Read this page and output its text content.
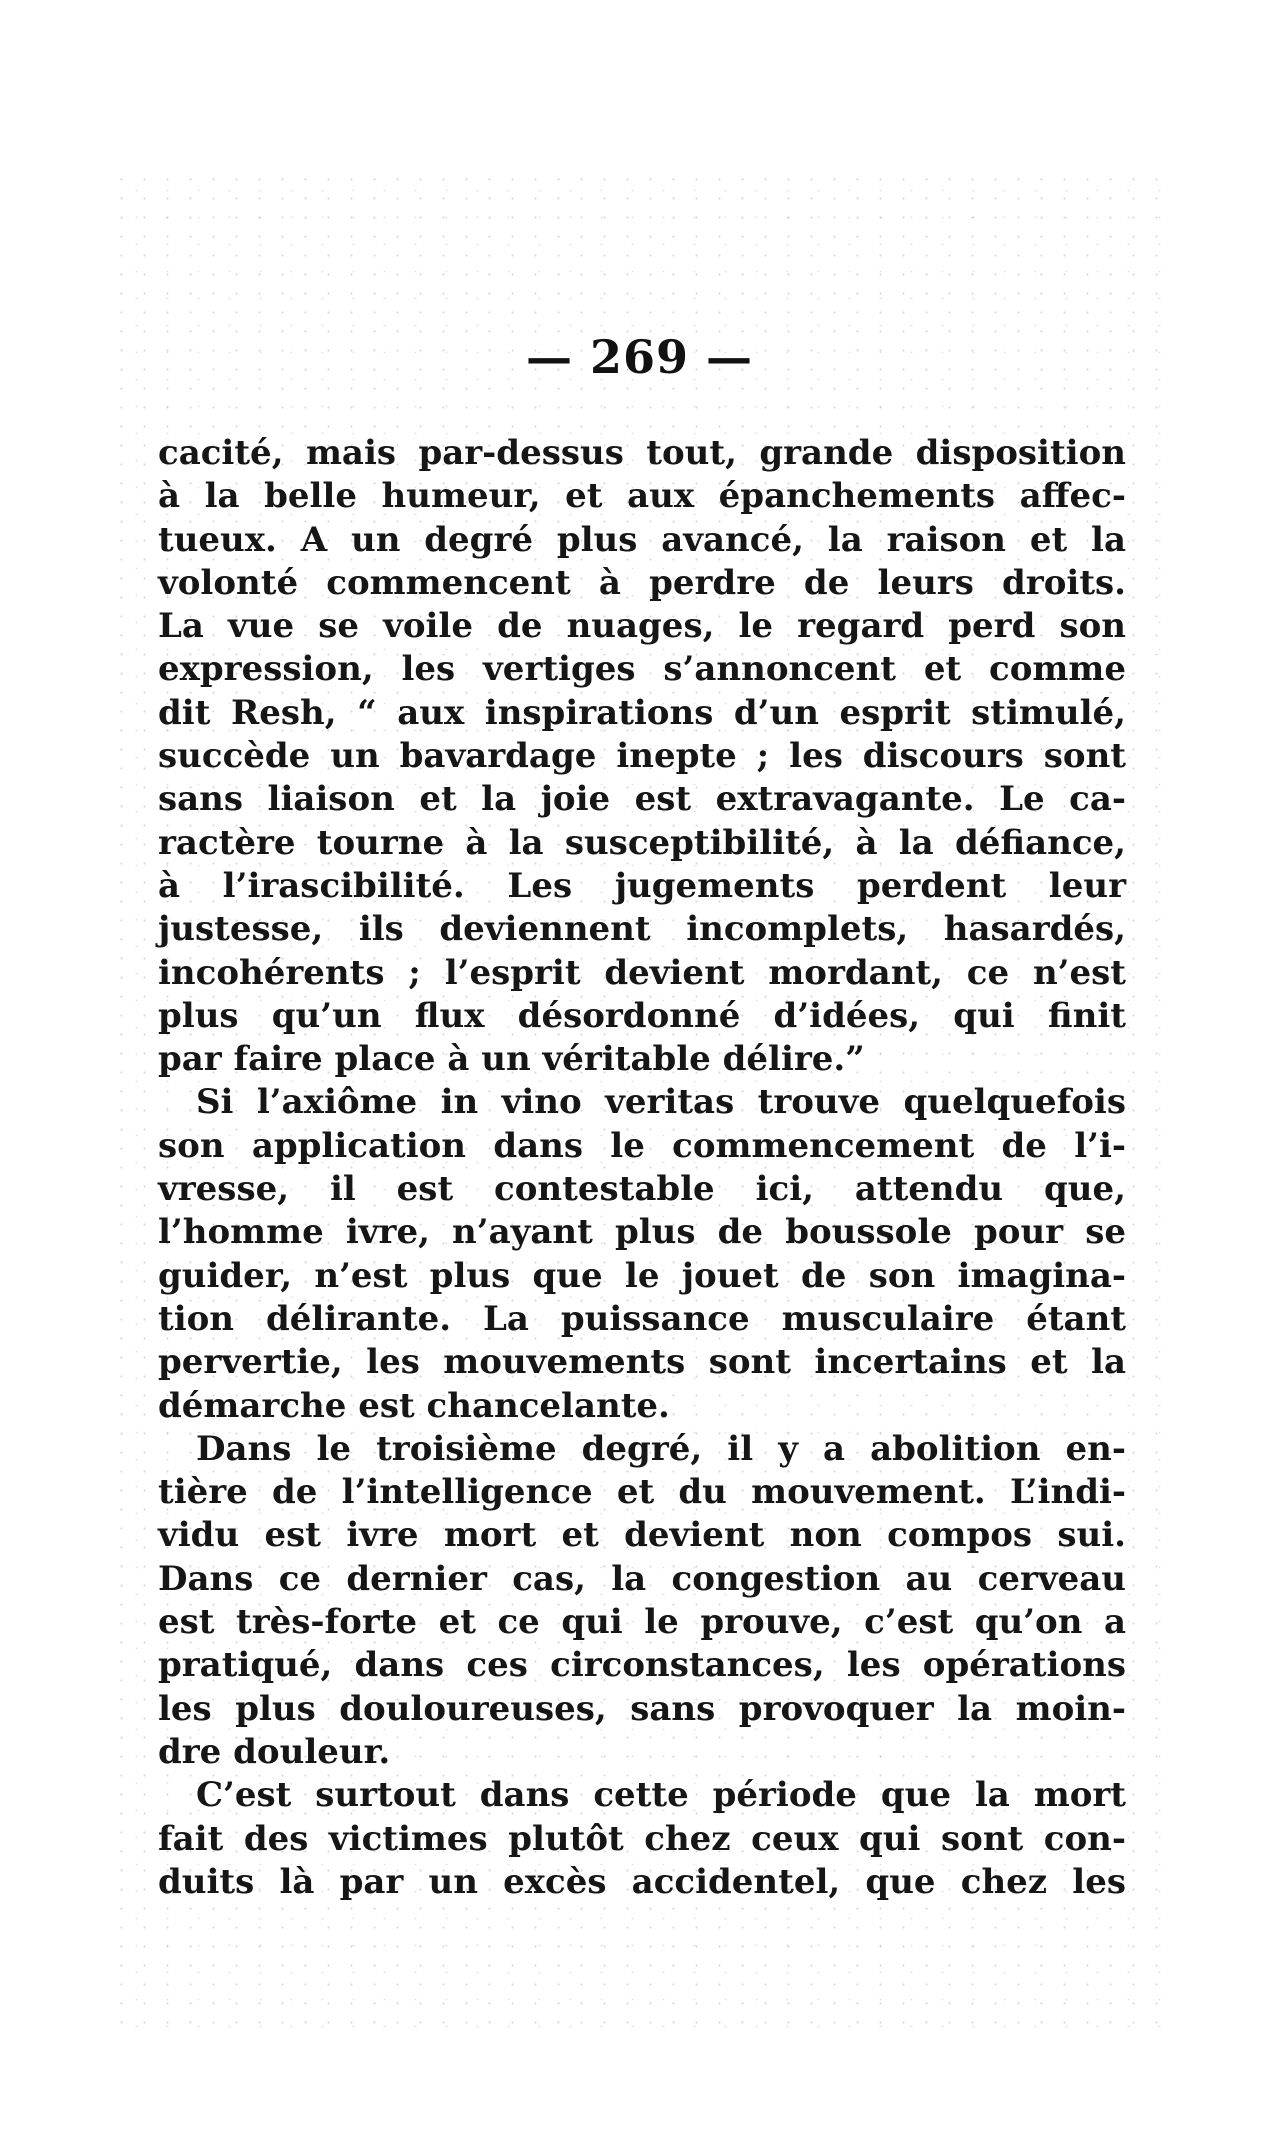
— 269 —
cacité, mais par-dessus tout, grande disposition
à la belle humeur, et aux épanchements affec-
tueux. A un degré plus avancé, la raison et la
volonté commencent à perdre de leurs droits.
La vue se voile de nuages, le regard perd son
expression, les vertiges s’annoncent et comme
dit Resh, “ aux inspirations d’un esprit stimulé,
succède un bavardage inepte ; les discours sont
sans liaison et la joie est extravagante. Le ca-
ractère tourne à la susceptibilité, à la défiance,
à l’irascibilité. Les jugements perdent leur
justesse, ils deviennent incomplets, hasardés,
incohérents ; l’esprit devient mordant, ce n’est
plus qu’un flux désordonné d’idées, qui finit
par faire place à un véritable délire.”
Si l’axiôme in vino veritas trouve quelquefois
son application dans le commencement de l’i-
vresse, il est contestable ici, attendu que,
l’homme ivre, n’ayant plus de boussole pour se
guider, n’est plus que le jouet de son imagina-
tion délirante. La puissance musculaire étant
pervertie, les mouvements sont incertains et la
démarche est chancelante.
Dans le troisième degré, il y a abolition en-
tière de l’intelligence et du mouvement. L’indi-
vidu est ivre mort et devient non compos sui.
Dans ce dernier cas, la congestion au cerveau
est très-forte et ce qui le prouve, c’est qu’on a
pratiqué, dans ces circonstances, les opérations
les plus douloureuses, sans provoquer la moin-
dre douleur.
C’est surtout dans cette période que la mort
fait des victimes plutôt chez ceux qui sont con-
duits là par un excès accidentel, que chez les
